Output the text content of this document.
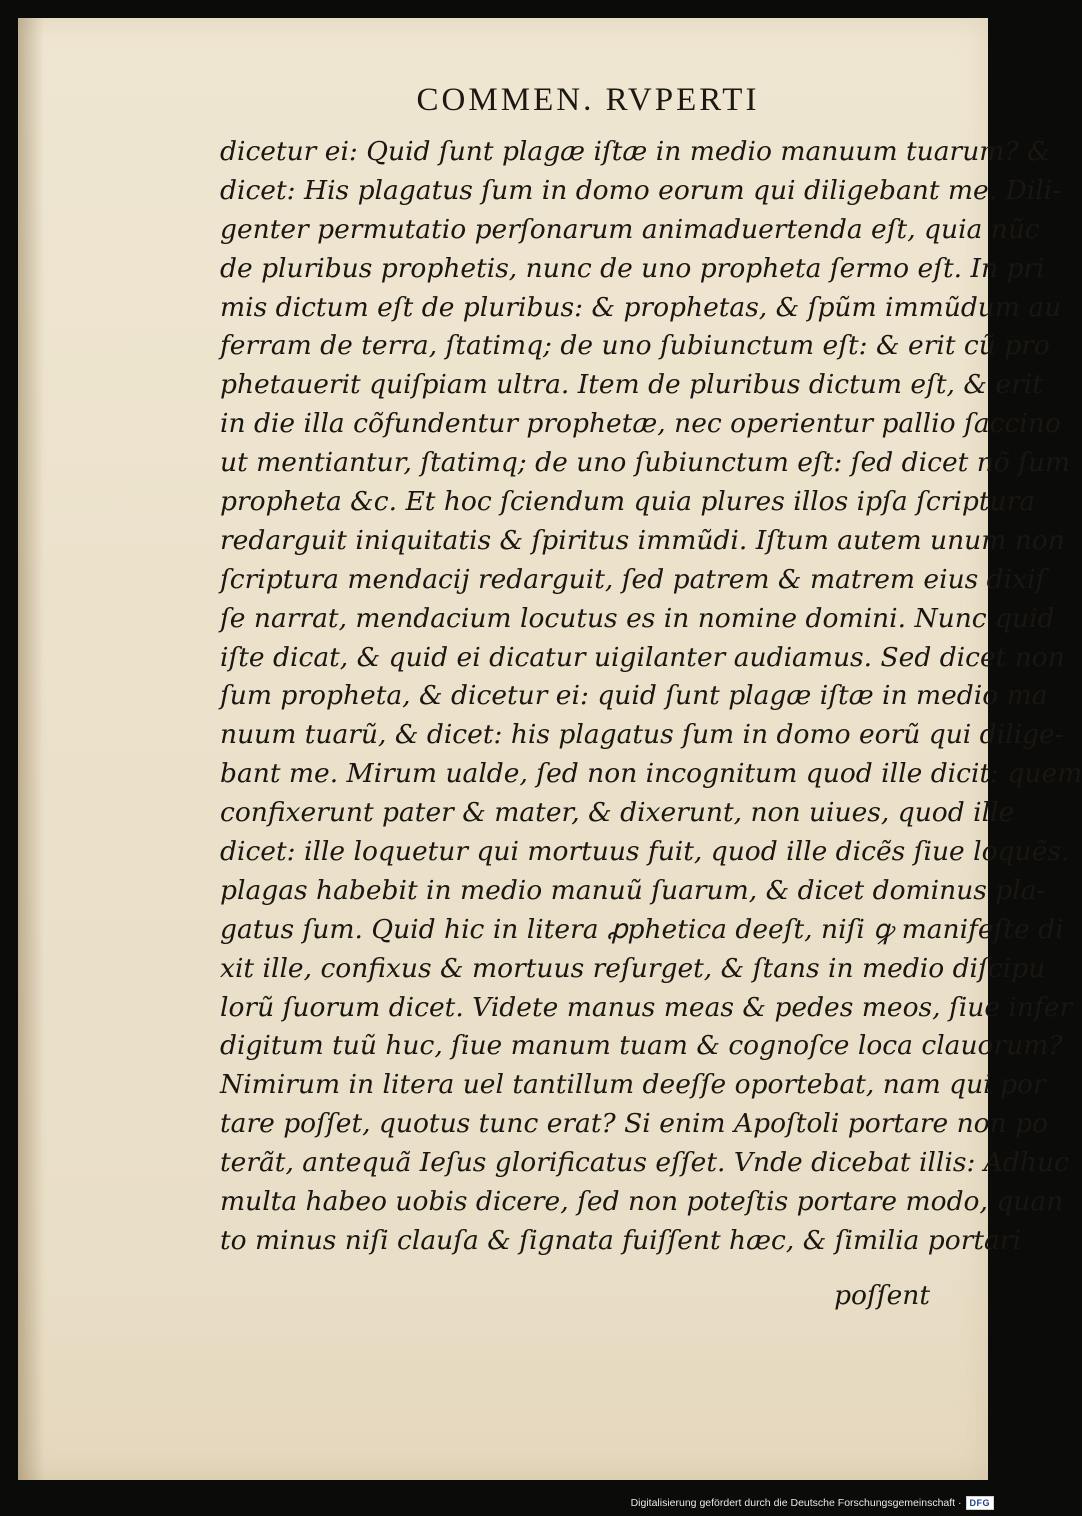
COMMEN. RVPERTI
dicetur ei: Quid ſunt plagæ iſtæ in medio manuum tuarum? &
dicet: His plagatus ſum in domo eorum qui diligebant me. Dili-
genter permutatio perſonarum animaduertenda eſt, quia nũc
de pluribus prophetis, nunc de uno propheta ſermo eſt. In pri
mis dictum eſt de pluribus: & prophetas, & ſpũm immũdum au
ferram de terra, ſtatimq; de uno ſubiunctum eſt: & erit cũ pro
phetauerit quiſpiam ultra. Item de pluribus dictum eſt, & erit
in die illa cõfundentur prophetæ, nec operientur pallio ſaccino
ut mentiantur, ſtatimq; de uno ſubiunctum eſt: ſed dicet nõ ſum
propheta &c. Et hoc ſciendum quia plures illos ipſa ſcriptura
redarguit iniquitatis & ſpiritus immũdi. Iſtum autem unum non
ſcriptura mendacij redarguit, ſed patrem & matrem eius dixiſ
ſe narrat, mendacium locutus es in nomine domini. Nunc quid
iſte dicat, & quid ei dicatur uigilanter audiamus. Sed dicet non
ſum propheta, & dicetur ei: quid ſunt plagæ iſtæ in medio ma
nuum tuarũ, & dicet: his plagatus ſum in domo eorũ qui dilige-
bant me. Mirum ualde, ſed non incognitum quod ille dicit: quem
confixerunt pater & mater, & dixerunt, non uiues, quod ille
dicet: ille loquetur qui mortuus fuit, quod ille dicẽs ſiue loquẽs.
plagas habebit in medio manuũ ſuarum, & dicet dominus pla-
gatus ſum. Quid hic in litera ꝓphetica deeſt, niſi ꝙ manifeſte di
xit ille, confixus & mortuus reſurget, & ſtans in medio diſcipu
lorũ ſuorum dicet. Videte manus meas & pedes meos, ſiue infer
digitum tuũ huc, ſiue manum tuam & cognoſce loca clauorum?
Nimirum in litera uel tantillum deeſſe oportebat, nam qui por
tare poſſet, quotus tunc erat? Si enim Apoſtoli portare non po
terãt, antequã Ieſus glorificatus eſſet. Vnde dicebat illis: Adhuc
multa habeo uobis dicere, ſed non poteſtis portare modo, quan
to minus niſi clauſa & ſignata fuiſſent hæc, & ſimilia portari
poſſent
Digitalisierung gefördert durch die Deutsche Forschungsgemeinschaft · DFG
